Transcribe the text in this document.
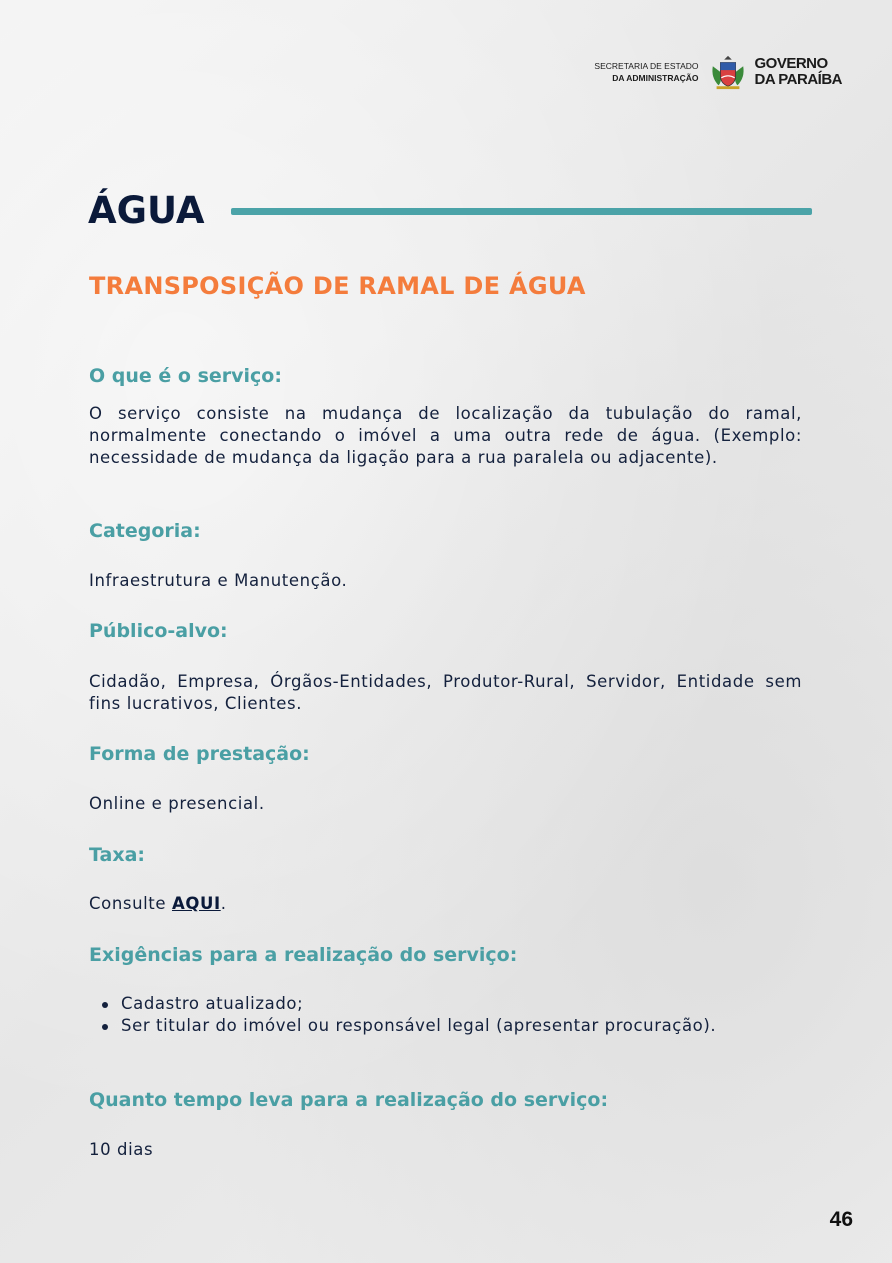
SECRETARIA DE ESTADO
DA ADMINISTRAÇÃO
GOVERNO
DA PARAÍBA
ÁGUA
TRANSPOSIÇÃO DE RAMAL DE ÁGUA
O que é o serviço:

O serviço consiste na mudança de localização da tubulação do ramal, normalmente conectando o imóvel a uma outra rede de água. (Exemplo: necessidade de mudança da ligação para a rua paralela ou adjacente).

Categoria:

Infraestrutura e Manutenção.

Público-alvo:

Cidadão, Empresa, Órgãos-Entidades, Produtor-Rural, Servidor, Entidade sem fins lucrativos, Clientes.

Forma de prestação:

Online e presencial.

Taxa:

Consulte AQUI.

Exigências para a realização do serviço:
Cadastro atualizado;
Ser titular do imóvel ou responsável legal (apresentar procuração).
Quanto tempo leva para a realização do serviço:

10 dias

46
